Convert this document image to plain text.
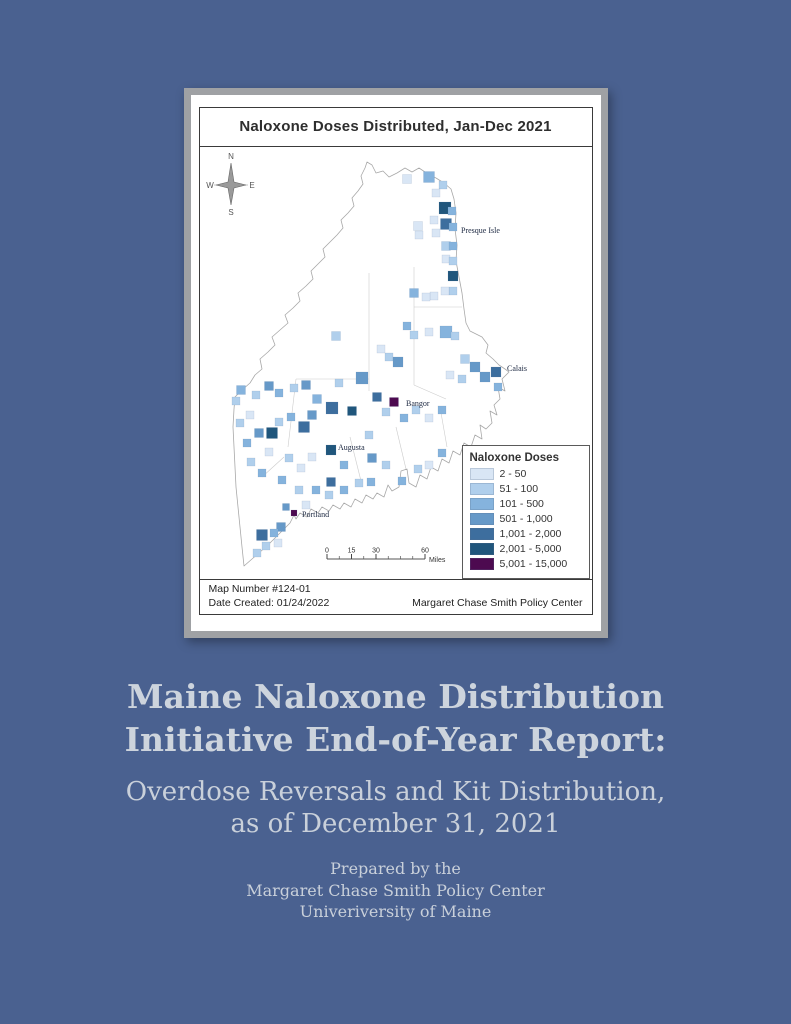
Naloxone Doses Distributed, Jan-Dec 2021
Presque Isle
Calais
Bangor
Augusta
Portland
0	15 30	60
Miles
N
E
S
W
Naloxone Doses
2 - 50
51 - 100
101 - 500
501 - 1,000
1,001 - 2,000
2,001 - 5,000
5,001 - 15,000
Map Number #124-01
Date Created: 01/24/2022	Margaret Chase Smith Policy Center
Maine Naloxone Distribution
Initiative End-of-Year Report:
Overdose Reversals and Kit Distribution,
as of December 31, 2021
Prepared by the
Margaret Chase Smith Policy Center
Univeriversity of Maine
